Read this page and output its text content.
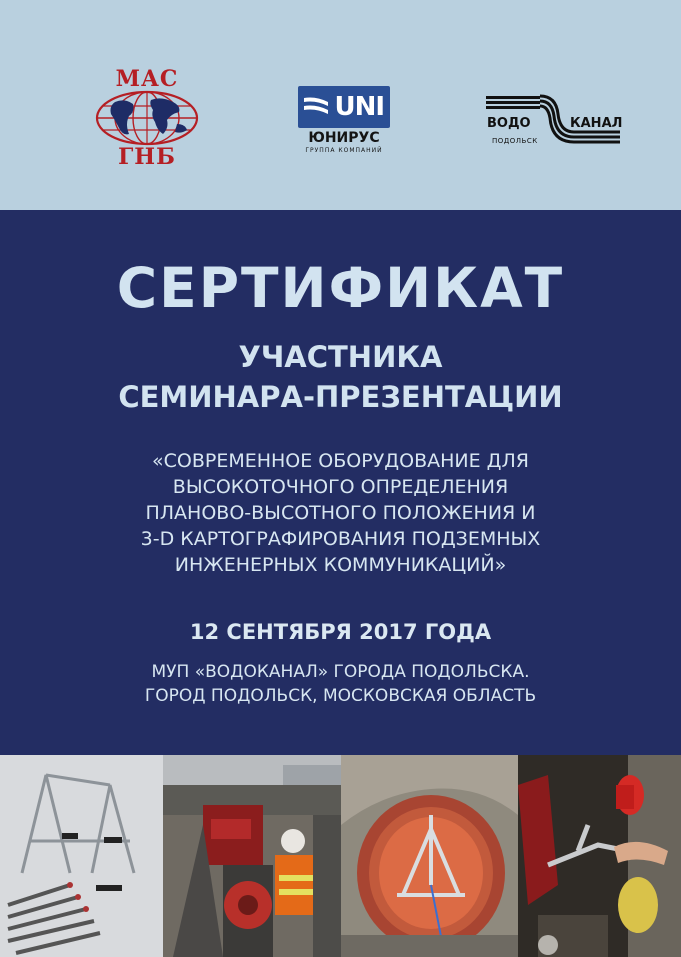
МАС
ГНБ
UNI
ЮНИРУС
ГРУППА КОМПАНИЙ
ВОДО	КАНАЛ
ПОДОЛЬСК
СЕРТИФИКАТ
УЧАСТНИКА
СЕМИНАРА-ПРЕЗЕНТАЦИИ
«СОВРЕМЕННОЕ ОБОРУДОВАНИЕ ДЛЯ
ВЫСОКОТОЧНОГО ОПРЕДЕЛЕНИЯ
ПЛАНОВО-ВЫСОТНОГО ПОЛОЖЕНИЯ И
3-D КАРТОГРАФИРОВАНИЯ ПОДЗЕМНЫХ
ИНЖЕНЕРНЫХ КОММУНИКАЦИЙ»
12 СЕНТЯБРЯ 2017 ГОДА
МУП «ВОДОКАНАЛ» ГОРОДА ПОДОЛЬСКА.
ГОРОД ПОДОЛЬСК, МОСКОВСКАЯ ОБЛАСТЬ
